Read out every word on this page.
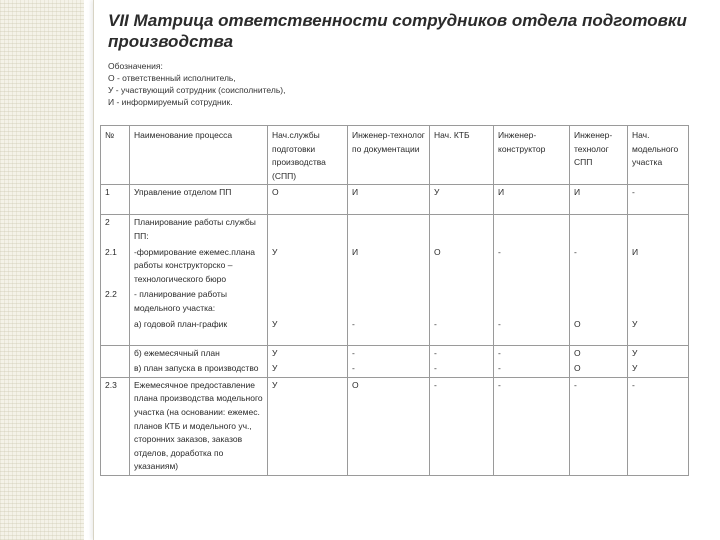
VII Матрица ответственности сотрудников отдела подготовки производства
Обозначения:
О - ответственный исполнитель,
У - участвующий сотрудник (соисполнитель),
И - информируемый сотрудник.
№	Наименование процесса	Нач.службы подготовки производства (СПП)	Инженер-технолог по документации	Нач. КТБ	Инженер-конструктор	Инженер-технолог СПП	Нач. модельного участка
1	Управление отделом ПП	О	И	У	И	И	-
2	Планирование работы службы ПП:						
2.1	-формирование ежемес.плана работы конструкторско – технологического бюро	У	И	О	-	-	И
2.2	- планирование работы модельного участка:						
	а) годовой план-график	У	-	-	-	О	У
	б) ежемесячный план	У	-	-	-	О	У
	в) план запуска в производство	У	-	-	-	О	У
2.3	Ежемесячное предоставление плана производства модельного участка (на основании: ежемес. планов КТБ и модельного уч., сторонних заказов, заказов отделов, доработка по указаниям)	У	О	-	-	-	-
